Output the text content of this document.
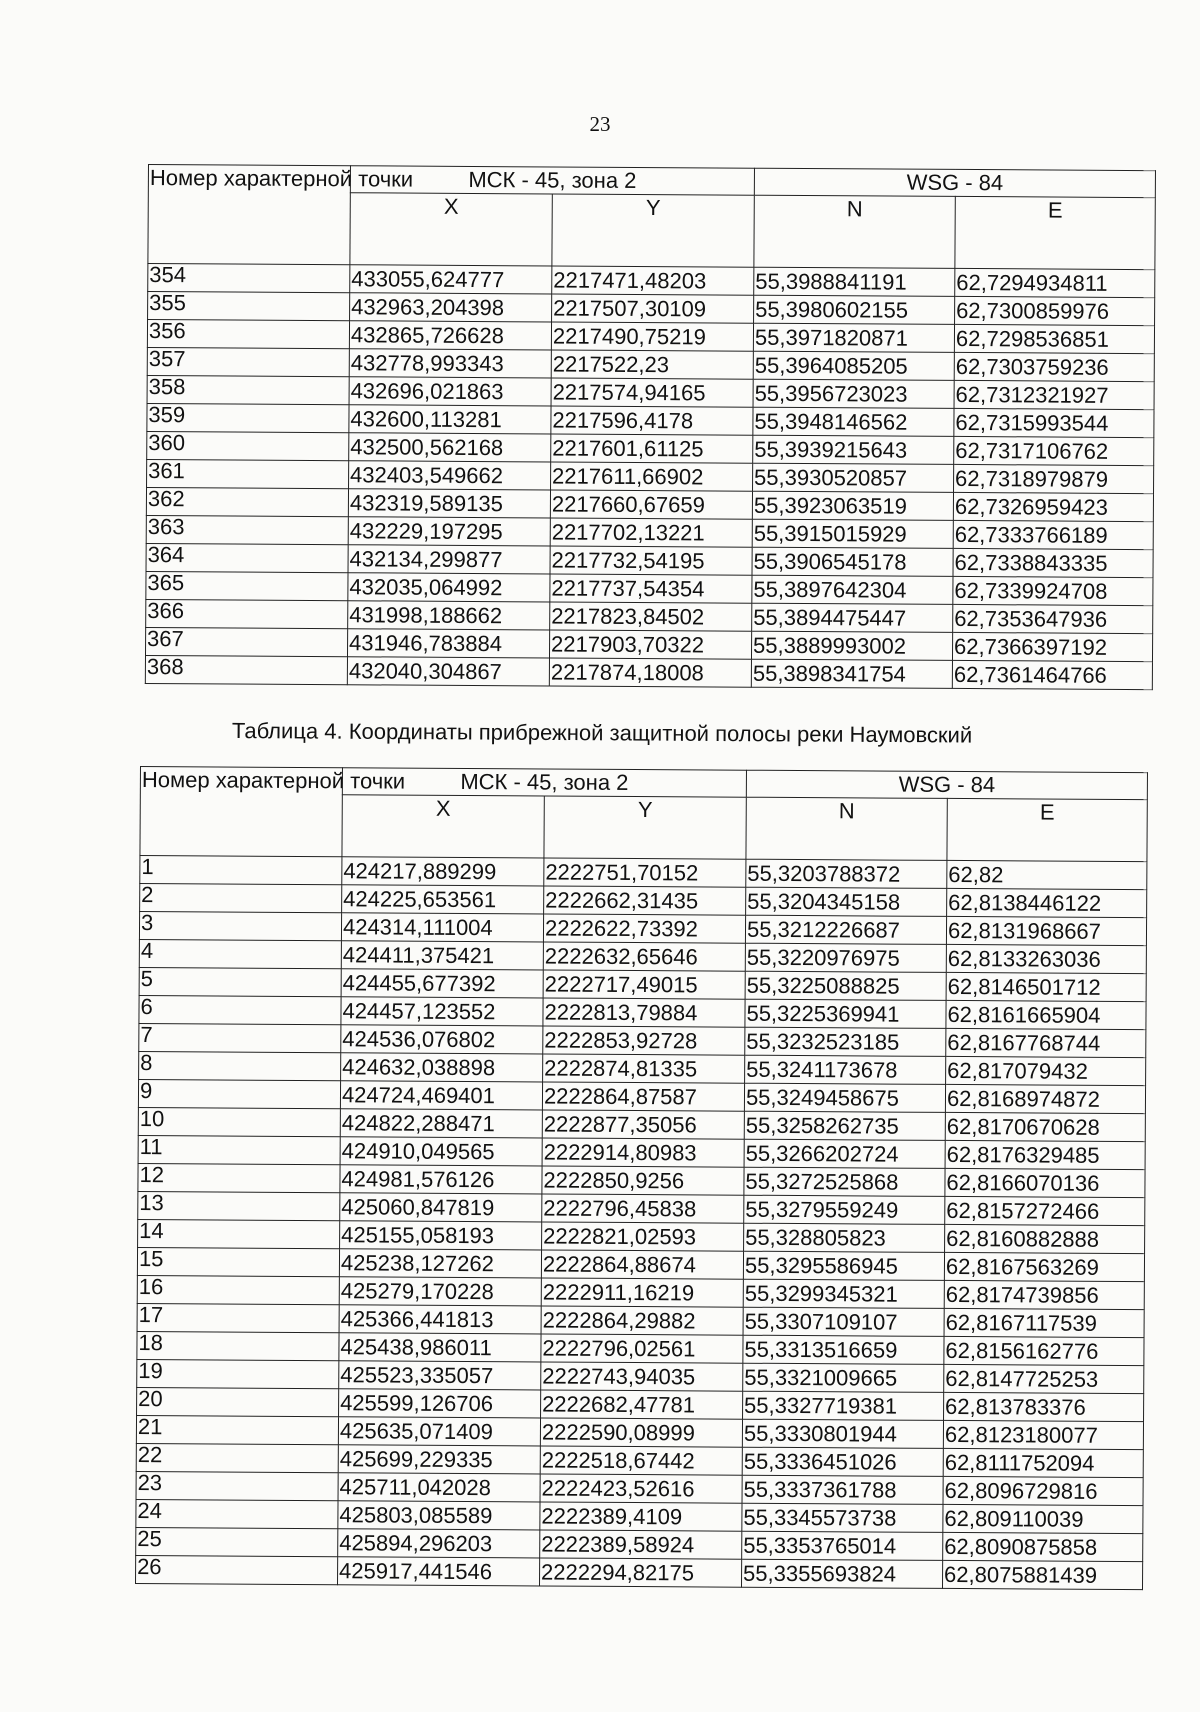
23
Номер характерной точки	МСК - 45, зона 2		WSG - 84	
	X	Y	N	E
354	433055,624777	2217471,48203	55,3988841191	62,7294934811
355	432963,204398	2217507,30109	55,3980602155	62,7300859976
356	432865,726628	2217490,75219	55,3971820871	62,7298536851
357	432778,993343	2217522,23	55,3964085205	62,7303759236
358	432696,021863	2217574,94165	55,3956723023	62,7312321927
359	432600,113281	2217596,4178	55,3948146562	62,7315993544
360	432500,562168	2217601,61125	55,3939215643	62,7317106762
361	432403,549662	2217611,66902	55,3930520857	62,7318979879
362	432319,589135	2217660,67659	55,3923063519	62,7326959423
363	432229,197295	2217702,13221	55,3915015929	62,7333766189
364	432134,299877	2217732,54195	55,3906545178	62,7338843335
365	432035,064992	2217737,54354	55,3897642304	62,7339924708
366	431998,188662	2217823,84502	55,3894475447	62,7353647936
367	431946,783884	2217903,70322	55,3889993002	62,7366397192
368	432040,304867	2217874,18008	55,3898341754	62,7361464766
Таблица 4. Координаты прибрежной защитной полосы реки Наумовский
Номер характерной точки	МСК - 45, зона 2		WSG - 84	
	X	Y	N	E
1	424217,889299	2222751,70152	55,3203788372	62,82
2	424225,653561	2222662,31435	55,3204345158	62,8138446122
3	424314,111004	2222622,73392	55,3212226687	62,8131968667
4	424411,375421	2222632,65646	55,3220976975	62,8133263036
5	424455,677392	2222717,49015	55,3225088825	62,8146501712
6	424457,123552	2222813,79884	55,3225369941	62,8161665904
7	424536,076802	2222853,92728	55,3232523185	62,8167768744
8	424632,038898	2222874,81335	55,3241173678	62,817079432
9	424724,469401	2222864,87587	55,3249458675	62,8168974872
10	424822,288471	2222877,35056	55,3258262735	62,8170670628
11	424910,049565	2222914,80983	55,3266202724	62,8176329485
12	424981,576126	2222850,9256	55,3272525868	62,8166070136
13	425060,847819	2222796,45838	55,3279559249	62,8157272466
14	425155,058193	2222821,02593	55,328805823	62,8160882888
15	425238,127262	2222864,88674	55,3295586945	62,8167563269
16	425279,170228	2222911,16219	55,3299345321	62,8174739856
17	425366,441813	2222864,29882	55,3307109107	62,8167117539
18	425438,986011	2222796,02561	55,3313516659	62,8156162776
19	425523,335057	2222743,94035	55,3321009665	62,8147725253
20	425599,126706	2222682,47781	55,3327719381	62,813783376
21	425635,071409	2222590,08999	55,3330801944	62,8123180077
22	425699,229335	2222518,67442	55,3336451026	62,8111752094
23	425711,042028	2222423,52616	55,3337361788	62,8096729816
24	425803,085589	2222389,4109	55,3345573738	62,809110039
25	425894,296203	2222389,58924	55,3353765014	62,8090875858
26	425917,441546	2222294,82175	55,3355693824	62,8075881439
